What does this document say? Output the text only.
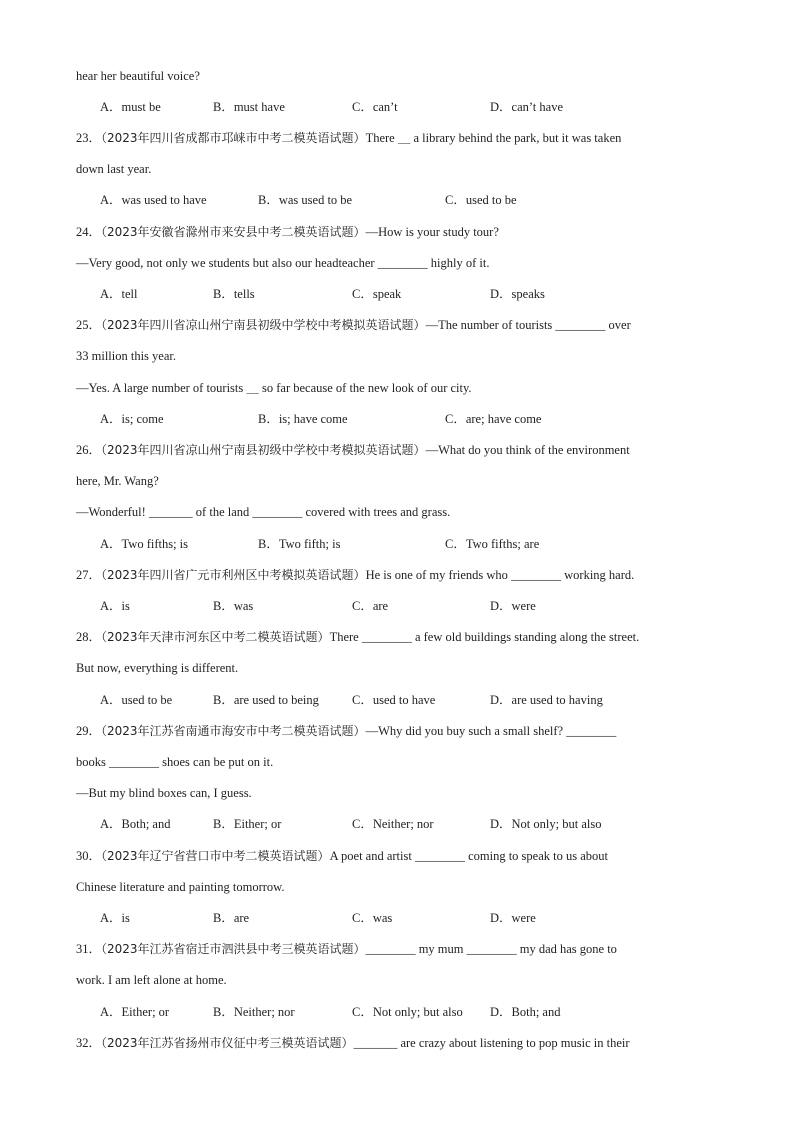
hear her beautiful voice?
A．must be	B．must have	C．can’t	D．can’t have
23．（2023年四川省成都市邛崃市中考二模英语试题）There ＿ a library behind the park, but it was taken
down last year.
A．was used to have	B．was used to be	C．used to be
24．（2023年安徽省滁州市来安县中考二模英语试题）—How is your study tour?
—Very good, not only we students but also our headteacher ________ highly of it.
A．tell	B．tells	C．speak	D．speaks
25．（2023年四川省凉山州宁南县初级中学校中考模拟英语试题）—The number of tourists ________ over
33 million this year.
—Yes. A large number of tourists ＿ so far because of the new look of our city.
A．is; come	B．is; have come	C．are; have come
26．（2023年四川省凉山州宁南县初级中学校中考模拟英语试题）—What do you think of the environment
here, Mr. Wang?
—Wonderful! _______ of the land ________ covered with trees and grass.
A．Two fifths; is	B．Two fifth; is	C．Two fifths; are
27．（2023年四川省广元市利州区中考模拟英语试题）He is one of my friends who ________ working hard.
A．is	B．was	C．are	D．were
28．（2023年天津市河东区中考二模英语试题）There ________ a few old buildings standing along the street.
But now, everything is different.
A．used to be	B．are used to being	C．used to have	D．are used to having
29．（2023年江苏省南通市海安市中考二模英语试题）—Why did you buy such a small shelf? ________
books ________ shoes can be put on it.
—But my blind boxes can, I guess.
A．Both; and	B．Either; or	C．Neither; nor	D．Not only; but also
30．（2023年辽宁省营口市中考二模英语试题）A poet and artist ________ coming to speak to us about
Chinese literature and painting tomorrow.
A．is	B．are	C．was	D．were
31．（2023年江苏省宿迁市泗洪县中考三模英语试题）________ my mum ________ my dad has gone to
work. I am left alone at home.
A．Either; or	B．Neither; nor	C．Not only; but also D．Both; and
32．（2023年江苏省扬州市仪征中考三模英语试题）_______ are crazy about listening to pop music in their
